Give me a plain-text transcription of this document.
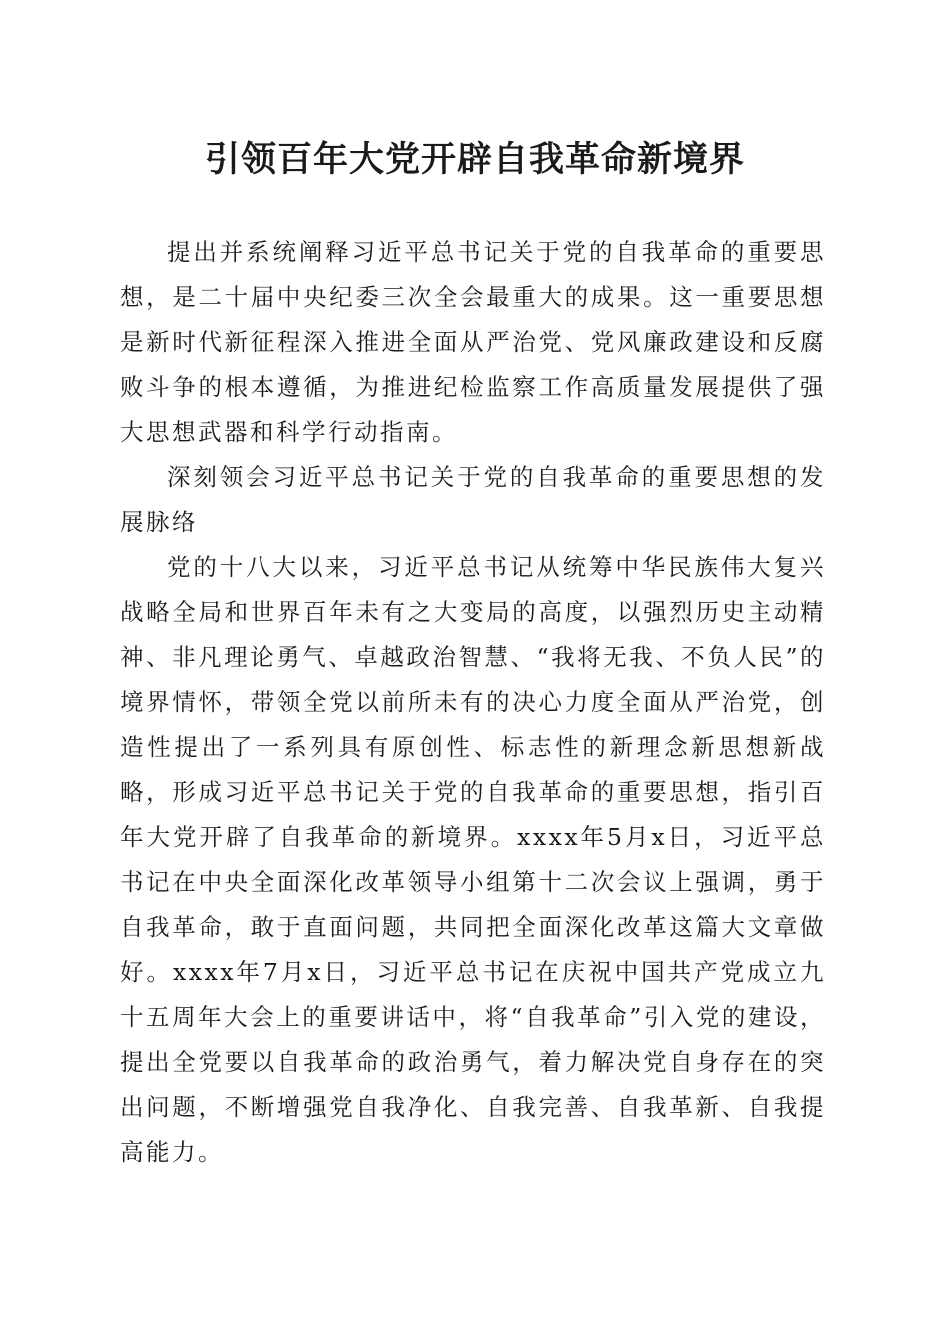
引领百年大党开辟自我革命新境界

提出并系统阐释习近平总书记关于党的自我革命的重要思想，是二十届中央纪委三次全会最重大的成果。这一重要思想是新时代新征程深入推进全面从严治党、党风廉政建设和反腐败斗争的根本遵循，为推进纪检监察工作高质量发展提供了强大思想武器和科学行动指南。

深刻领会习近平总书记关于党的自我革命的重要思想的发展脉络

党的十八大以来，习近平总书记从统筹中华民族伟大复兴战略全局和世界百年未有之大变局的高度，以强烈历史主动精神、非凡理论勇气、卓越政治智慧、“我将无我、不负人民”的境界情怀，带领全党以前所未有的决心力度全面从严治党，创造性提出了一系列具有原创性、标志性的新理念新思想新战略，形成习近平总书记关于党的自我革命的重要思想，指引百年大党开辟了自我革命的新境界。xxxx年5月x日，习近平总书记在中央全面深化改革领导小组第十二次会议上强调，勇于自我革命，敢于直面问题，共同把全面深化改革这篇大文章做好。xxxx年7月x日，习近平总书记在庆祝中国共产党成立九十五周年大会上的重要讲话中，将“自我革命”引入党的建设，提出全党要以自我革命的政治勇气，着力解决党自身存在的突出问题，不断增强党自我净化、自我完善、自我革新、自我提高能力。
